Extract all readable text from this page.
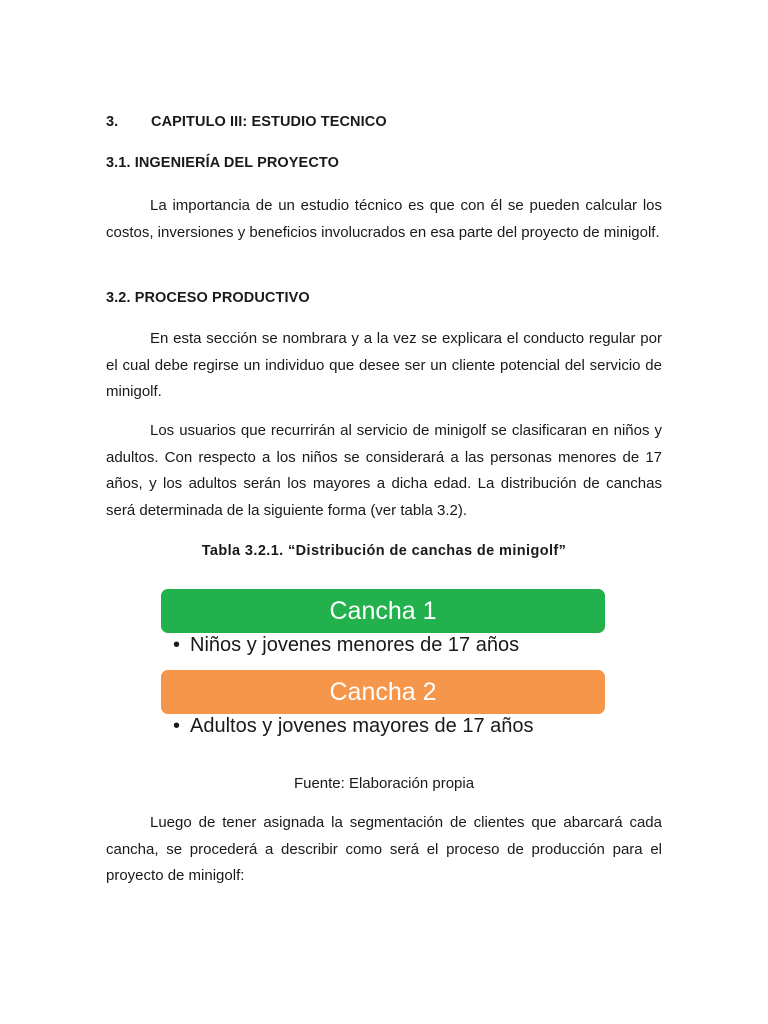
3. CAPITULO III: ESTUDIO TECNICO
3.1. INGENIERÍA DEL PROYECTO

La importancia de un estudio técnico es que con él se pueden calcular los costos, inversiones y beneficios involucrados en esa parte del proyecto de minigolf.

3.2. PROCESO PRODUCTIVO

En esta sección se nombrara y a la vez se explicara el conducto regular por el cual debe regirse un individuo que desee ser un cliente potencial del servicio de minigolf.

Los usuarios que recurrirán al servicio de minigolf se clasificaran en niños y adultos. Con respecto a los niños se considerará a las personas menores de 17 años, y los adultos serán los mayores a dicha edad. La distribución de canchas será determinada de la siguiente forma (ver tabla 3.2).

Tabla 3.2.1. “Distribución de canchas de minigolf”
Cancha 1
• Niños y jovenes menores de 17 años
Cancha 2
• Adultos y jovenes mayores de 17 años
Fuente: Elaboración propia

Luego de tener asignada la segmentación de clientes que abarcará cada cancha, se procederá a describir como será el proceso de producción para el proyecto de minigolf:
